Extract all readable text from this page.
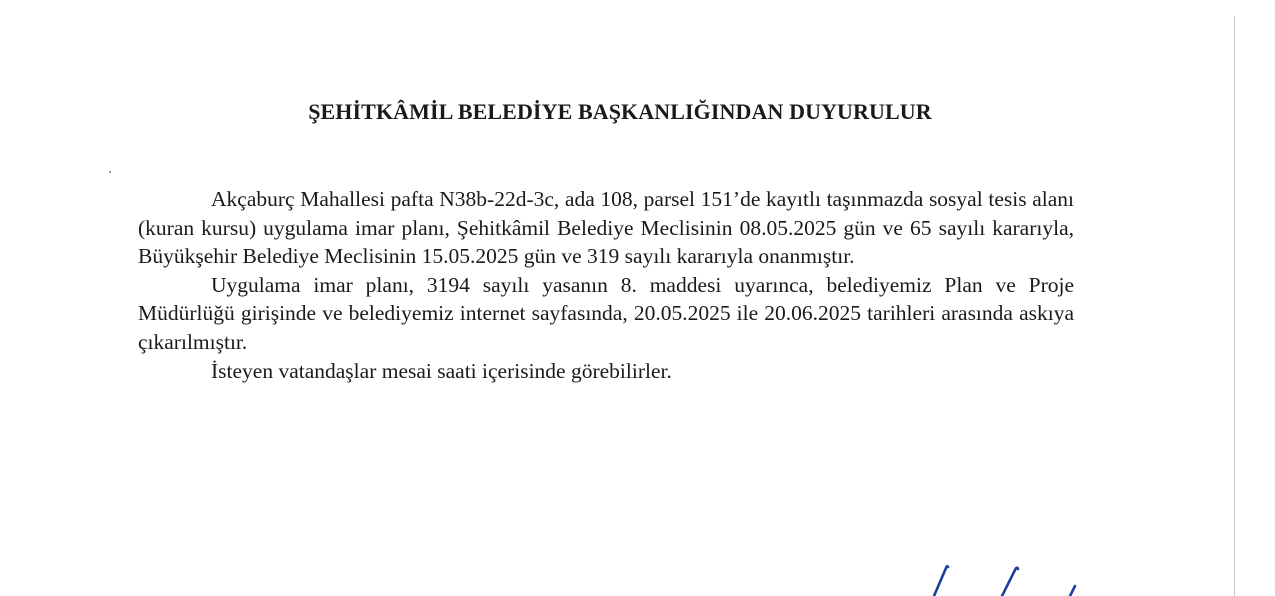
ŞEHİTKÂMİL BELEDİYE BAŞKANLIĞINDAN DUYURULUR

Akçaburç Mahallesi pafta N38b-22d-3c, ada 108, parsel 151’de kayıtlı taşınmazda sosyal tesis alanı (kuran kursu) uygulama imar planı, Şehitkâmil Belediye Meclisinin 08.05.2025 gün ve 65 sayılı kararıyla, Büyükşehir Belediye Meclisinin 15.05.2025 gün ve 319 sayılı kararıyla onanmıştır.

Uygulama imar planı, 3194 sayılı yasanın 8. maddesi uyarınca, belediyemiz Plan ve Proje Müdürlüğü girişinde ve belediyemiz internet sayfasında, 20.05.2025 ile 20.06.2025 tarihleri arasında askıya çıkarılmıştır.

İsteyen vatandaşlar mesai saati içerisinde görebilirler.
